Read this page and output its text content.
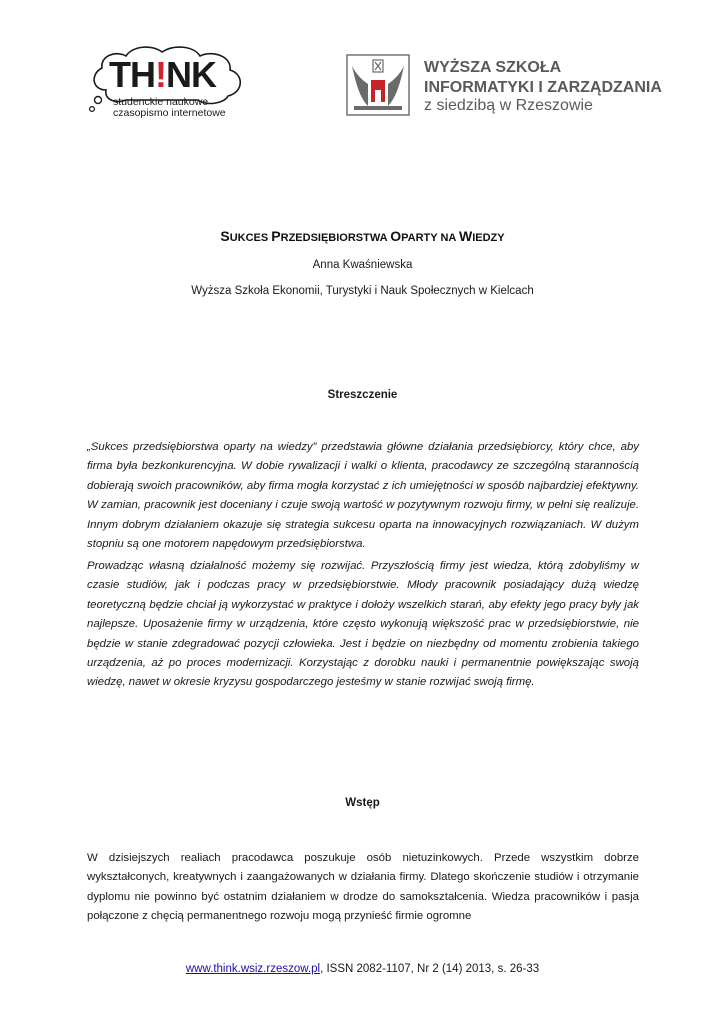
TH!NK
studenckie naukowe
czasopismo internetowe
WYŻSZA SZKOŁA
INFORMATYKI I ZARZĄDZANIA
z siedzibą w Rzeszowie
SUKCES PRZEDSIĘBIORSTWA OPARTY NA WIEDZY
Anna Kwaśniewska
Wyższa Szkoła Ekonomii, Turystyki i Nauk Społecznych w Kielcach
Streszczenie
„Sukces przedsiębiorstwa oparty na wiedzy” przedstawia główne działania przedsiębiorcy, który chce, aby firma była bezkonkurencyjna. W dobie rywalizacji i walki o klienta, pracodawcy ze szczególną starannością dobierają swoich pracowników, aby firma mogła korzystać z ich umiejętności w sposób najbardziej efektywny. W zamian, pracownik jest doceniany i czuje swoją wartość w pozytywnym rozwoju firmy, w pełni się realizuje. Innym dobrym działaniem okazuje się strategia sukcesu oparta na innowacyjnych rozwiązaniach. W dużym stopniu są one motorem napędowym przedsiębiorstwa.
Prowadząc własną działalność możemy się rozwijać. Przyszłością firmy jest wiedza, którą zdobyliśmy w czasie studiów, jak i podczas pracy w przedsiębiorstwie. Młody pracownik posiadający dużą wiedzę teoretyczną będzie chciał ją wykorzystać w praktyce i dołoży wszelkich starań, aby efekty jego pracy były jak najlepsze. Uposażenie firmy w urządzenia, które często wykonują większość prac w przedsiębiorstwie, nie będzie w stanie zdegradować pozycji człowieka. Jest i będzie on niezbędny od momentu zrobienia takiego urządzenia, aż po proces modernizacji. Korzystając z dorobku nauki i permanentnie powiększając swoją wiedzę, nawet w okresie kryzysu gospodarczego jesteśmy w stanie rozwijać swoją firmę.
Wstęp
W dzisiejszych realiach pracodawca poszukuje osób nietuzinkowych. Przede wszystkim dobrze wykształconych, kreatywnych i zaangażowanych w działania firmy. Dlatego skończenie studiów i otrzymanie dyplomu nie powinno być ostatnim działaniem w drodze do samokształcenia. Wiedza pracowników i pasja połączone z chęcią permanentnego rozwoju mogą przynieść firmie ogromne
www.think.wsiz.rzeszow.pl, ISSN 2082-1107, Nr 2 (14) 2013, s. 26-33
